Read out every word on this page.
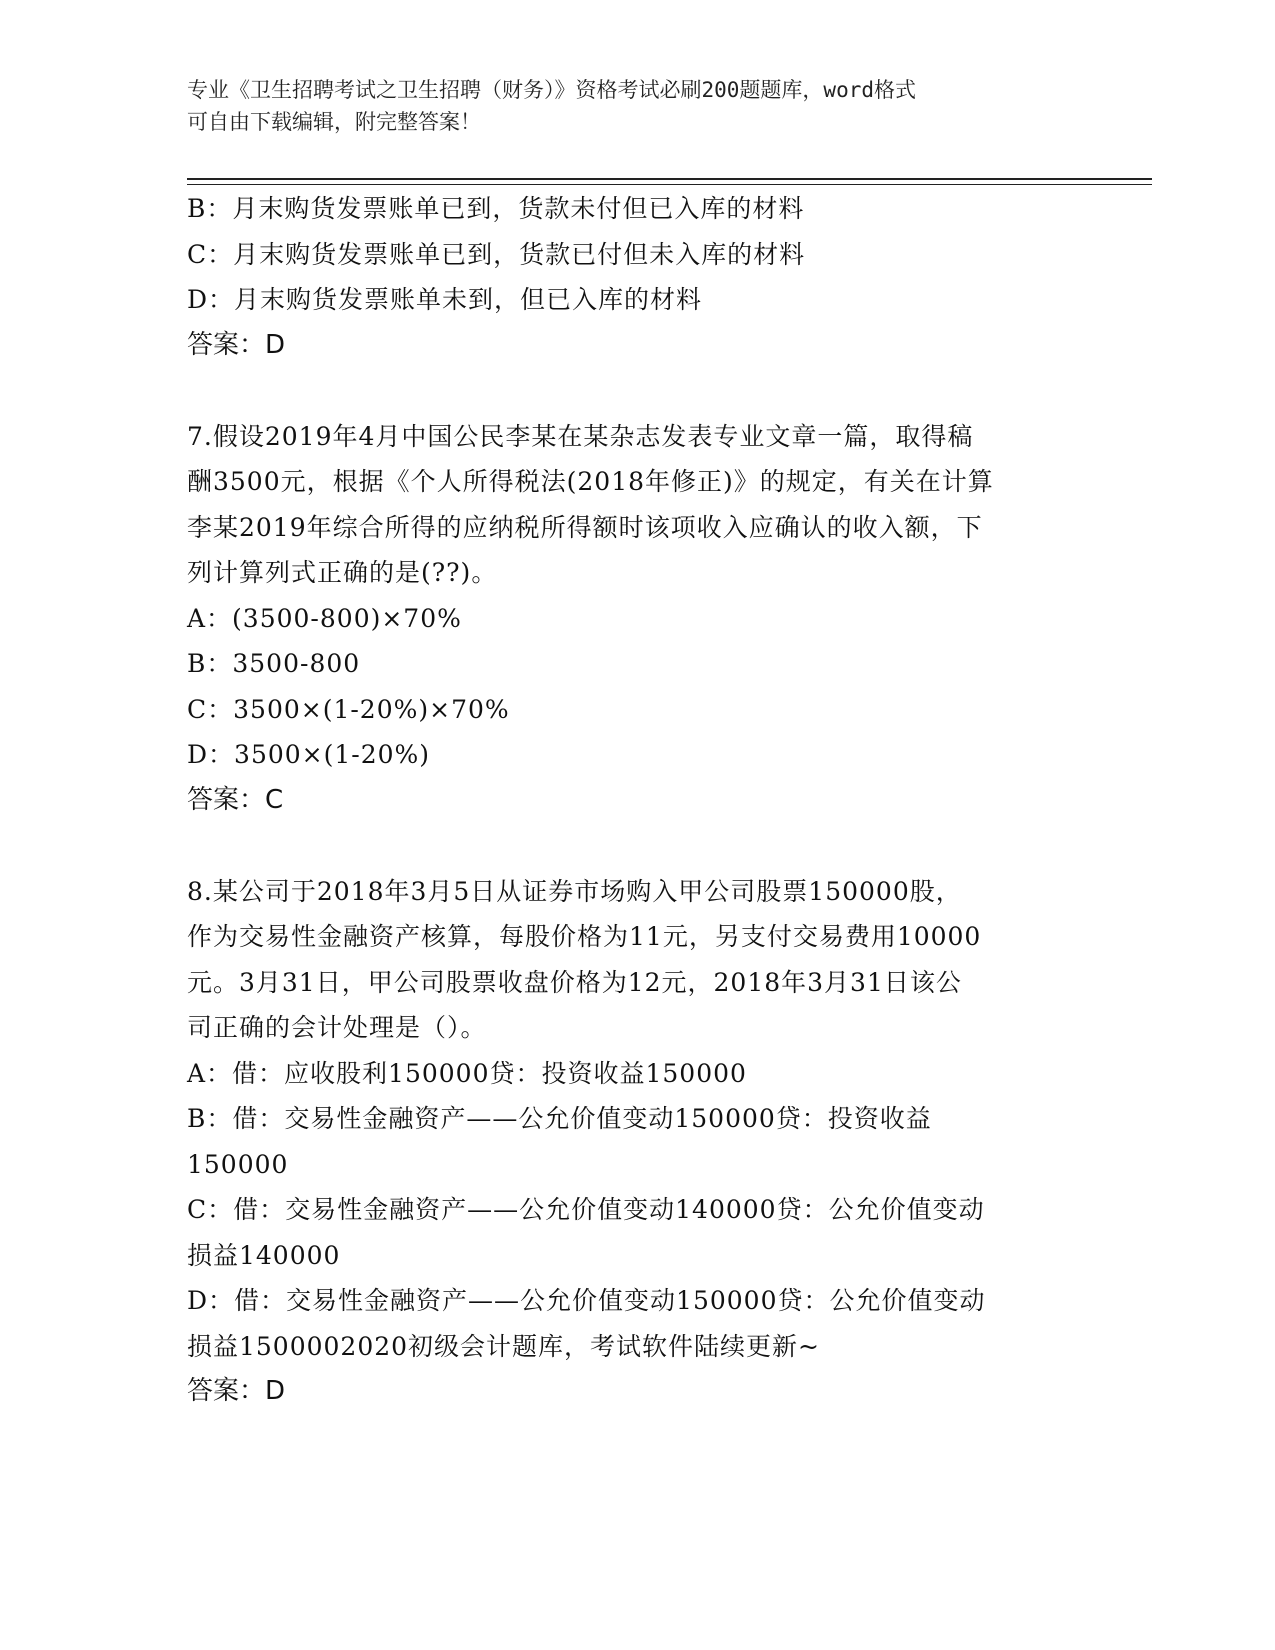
专业《卫生招聘考试之卫生招聘（财务）》资格考试必刷200题题库，word格式
可自由下载编辑，附完整答案！
B：月末购货发票账单已到，货款未付但已入库的材料
C：月末购货发票账单已到，货款已付但未入库的材料
D：月末购货发票账单未到，但已入库的材料
答案：D
7.假设2019年4月中国公民李某在某杂志发表专业文章一篇，取得稿
酬3500元，根据《个人所得税法(2018年修正)》的规定，有关在计算
李某2019年综合所得的应纳税所得额时该项收入应确认的收入额，下
列计算列式正确的是(??)。
A：(3500-800)×70%
B：3500-800
C：3500×(1-20%)×70%
D：3500×(1-20%)
答案：C
8.某公司于2018年3月5日从证券市场购入甲公司股票150000股，
作为交易性金融资产核算，每股价格为11元，另支付交易费用10000
元。3月31日，甲公司股票收盘价格为12元，2018年3月31日该公
司正确的会计处理是（）。
A：借：应收股利150000贷：投资收益150000
B：借：交易性金融资产——公允价值变动150000贷：投资收益
150000
C：借：交易性金融资产——公允价值变动140000贷：公允价值变动
损益140000
D：借：交易性金融资产——公允价值变动150000贷：公允价值变动
损益1500002020初级会计题库，考试软件陆续更新~
答案：D
